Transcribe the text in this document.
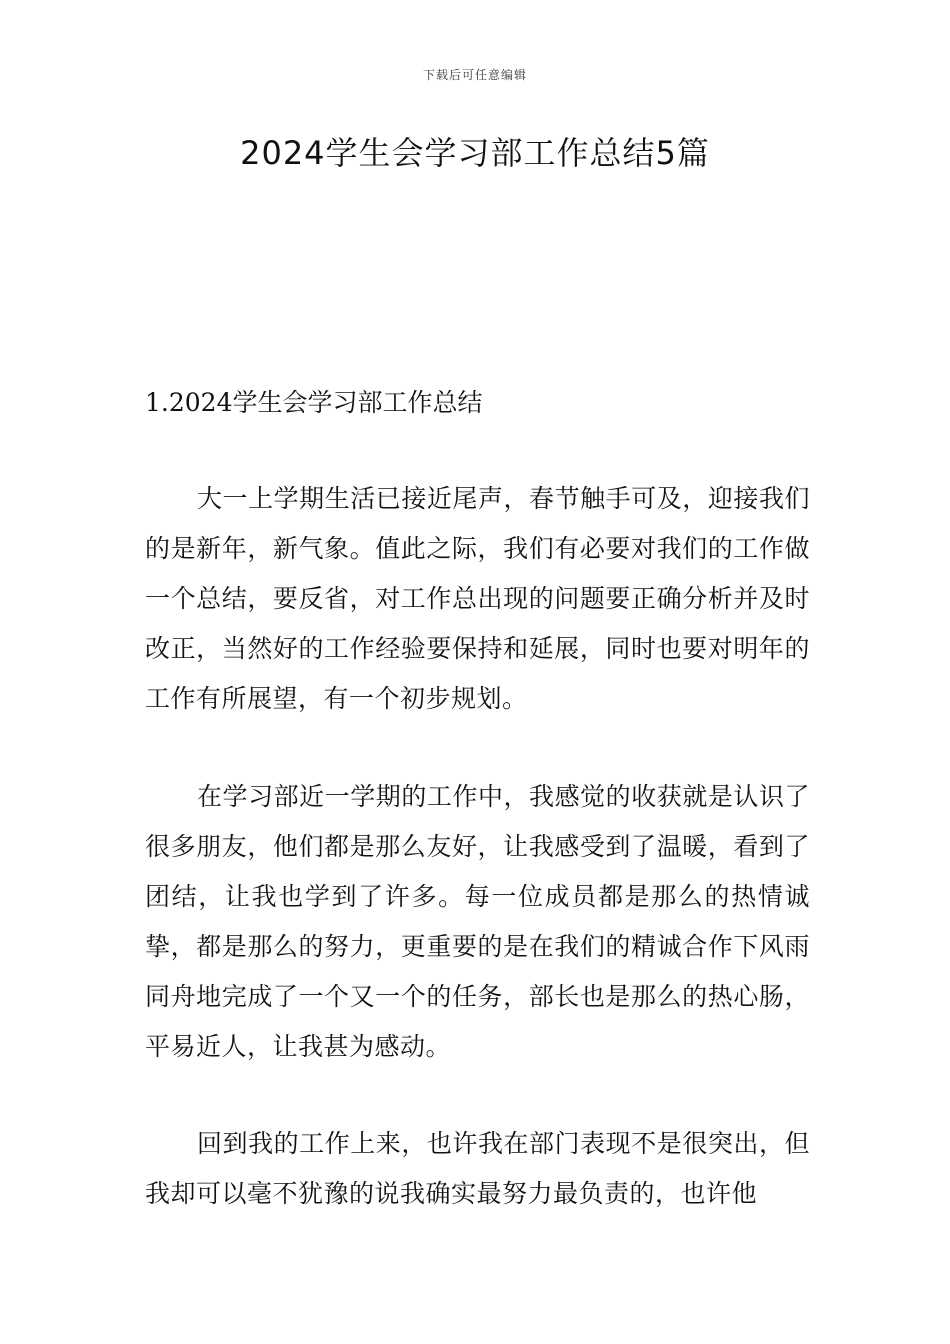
下载后可任意编辑
2024学生会学习部工作总结5篇
1.2024学生会学习部工作总结

大一上学期生活已接近尾声，春节触手可及，迎接我们的是新年，新气象。值此之际，我们有必要对我们的工作做一个总结，要反省，对工作总出现的问题要正确分析并及时改正，当然好的工作经验要保持和延展，同时也要对明年的工作有所展望，有一个初步规划。

在学习部近一学期的工作中，我感觉的收获就是认识了很多朋友，他们都是那么友好，让我感受到了温暖，看到了团结，让我也学到了许多。每一位成员都是那么的热情诚挚，都是那么的努力，更重要的是在我们的精诚合作下风雨同舟地完成了一个又一个的任务，部长也是那么的热心肠，平易近人，让我甚为感动。

回到我的工作上来，也许我在部门表现不是很突出，但我却可以毫不犹豫的说我确实最努力最负责的，也许他
